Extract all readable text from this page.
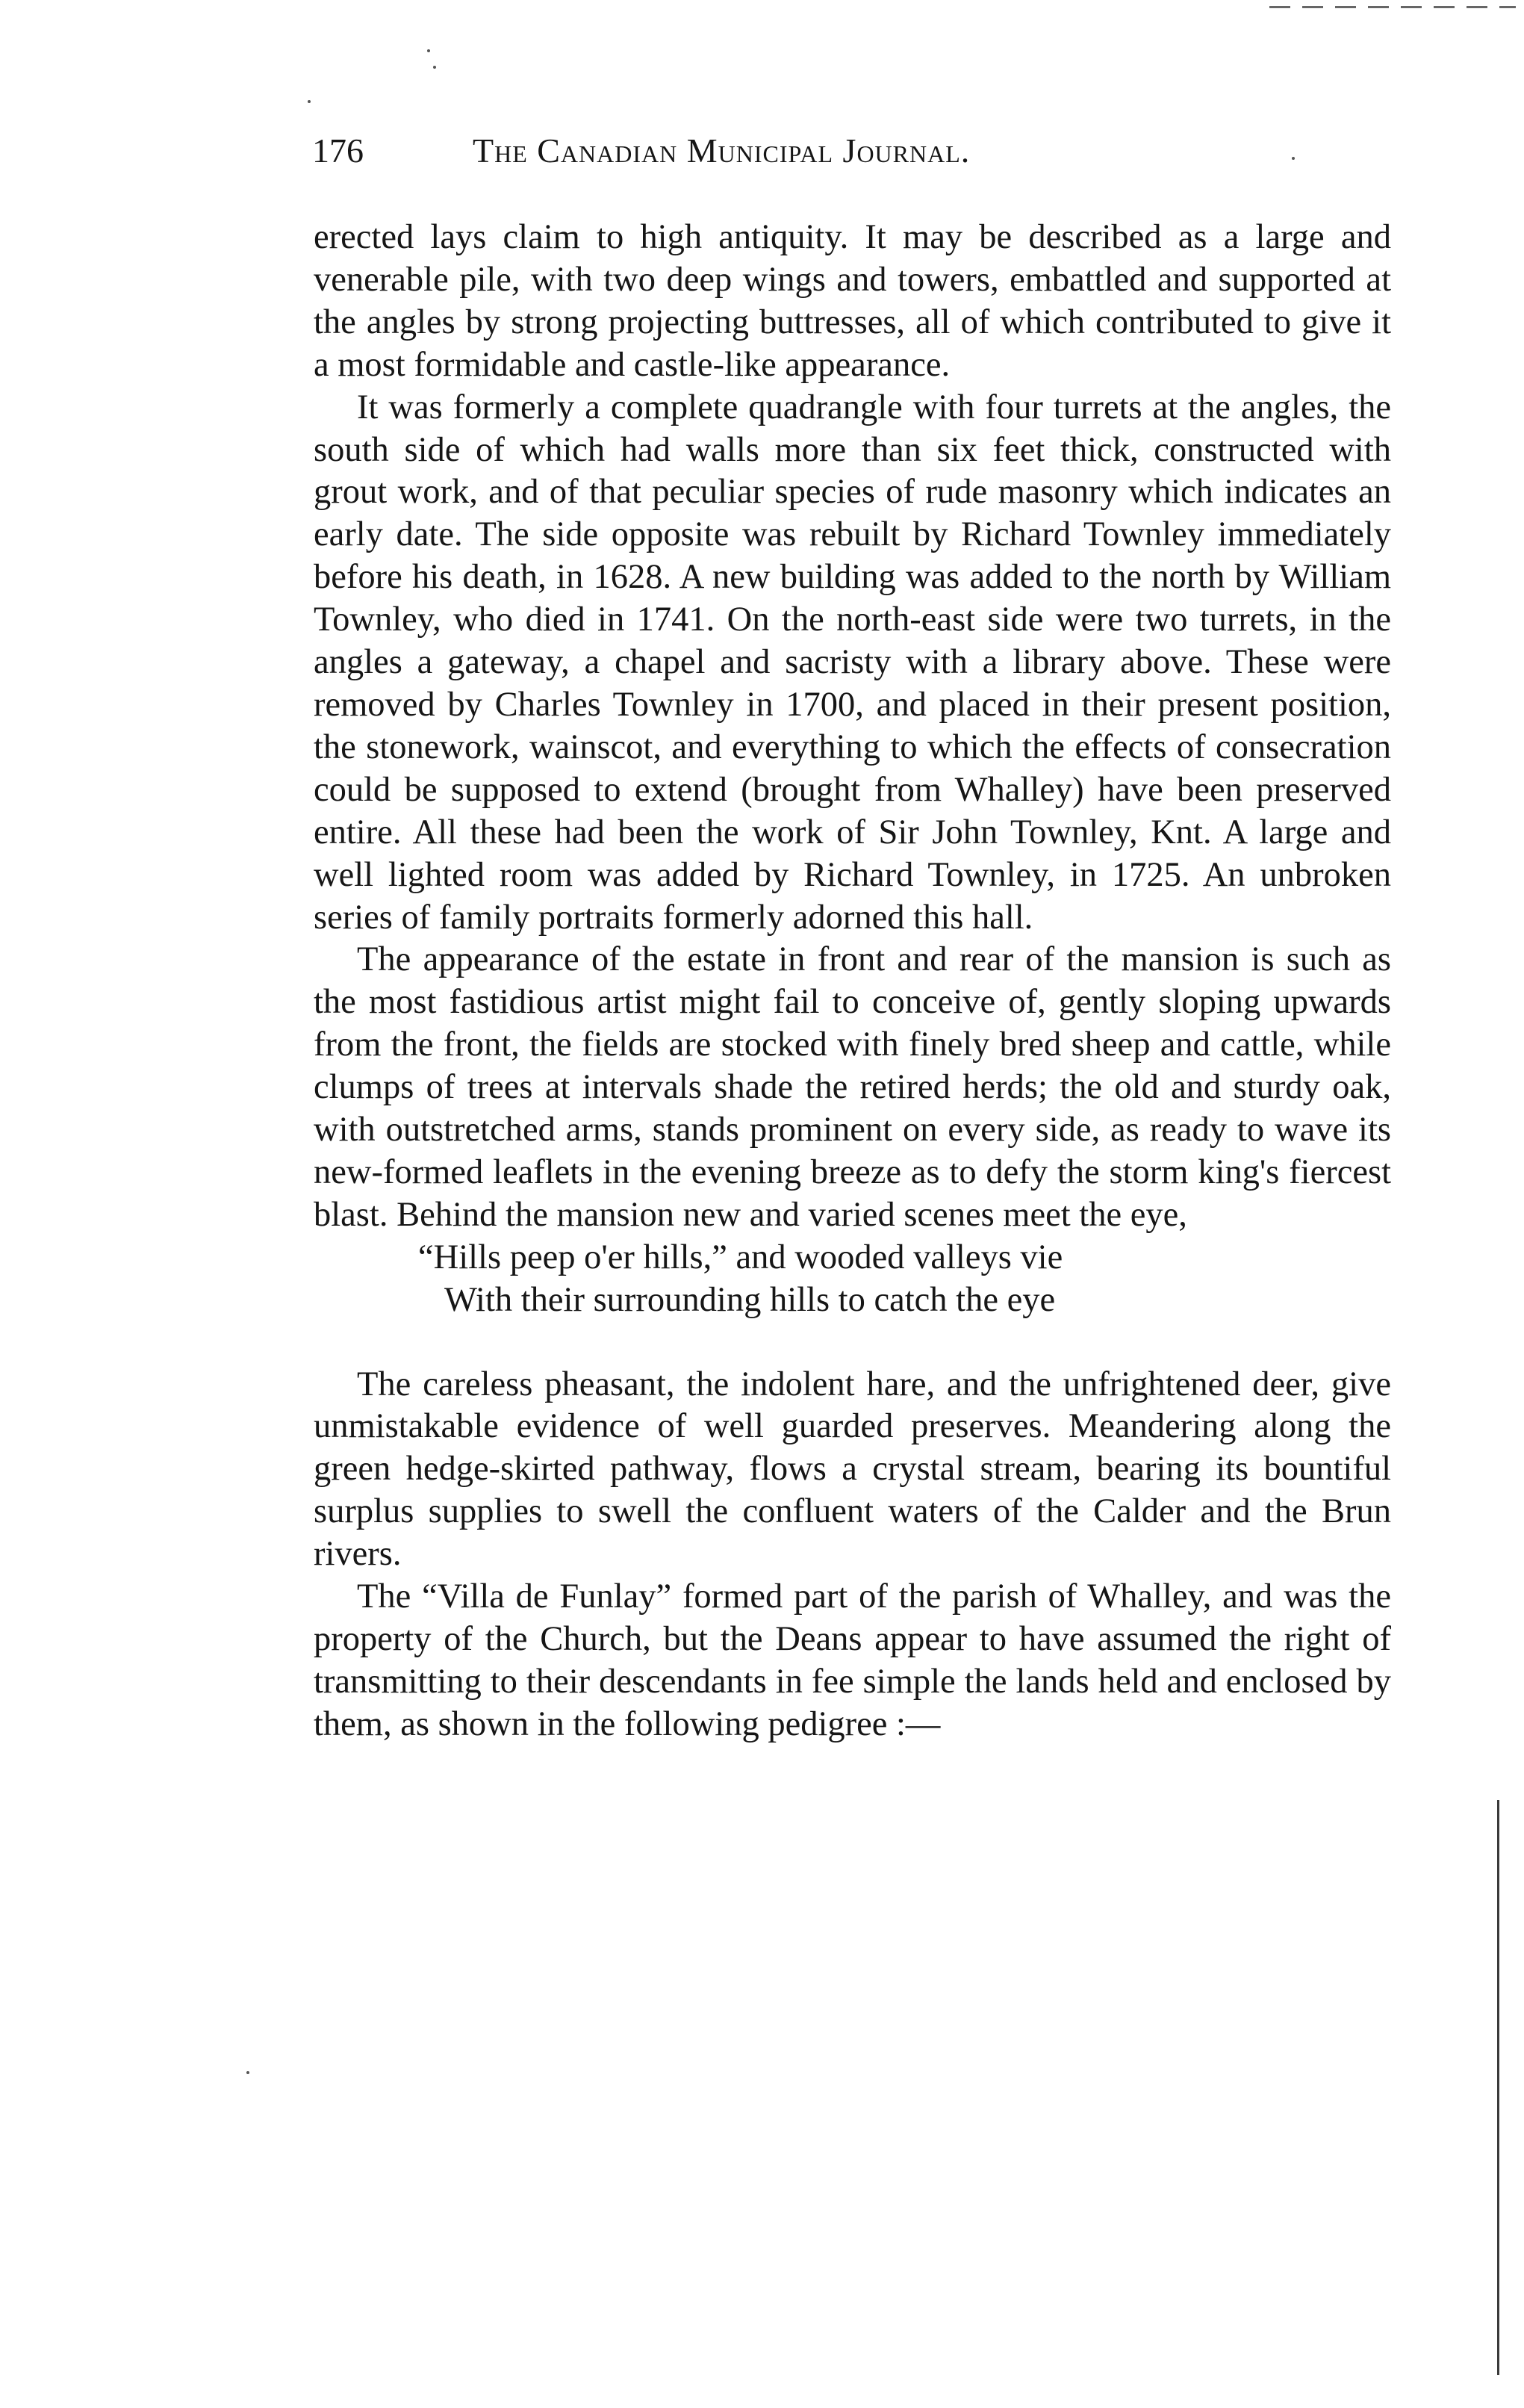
176	The Canadian Municipal Journal.

erected lays claim to high antiquity. It may be described as a large and venerable pile, with two deep wings and towers, embattled and supported at the angles by strong projecting buttresses, all of which contributed to give it a most formidable and castle-like appearance.

It was formerly a complete quadrangle with four turrets at the angles, the south side of which had walls more than six feet thick, constructed with grout work, and of that peculiar species of rude masonry which indicates an early date. The side opposite was rebuilt by Richard Townley immediately before his death, in 1628. A new building was added to the north by William Townley, who died in 1741. On the north-east side were two turrets, in the angles a gateway, a chapel and sacristy with a library above. These were removed by Charles Townley in 1700, and placed in their present position, the stonework, wainscot, and everything to which the effects of consecration could be supposed to extend (brought from Whalley) have been preserved entire. All these had been the work of Sir John Townley, Knt. A large and well lighted room was added by Richard Townley, in 1725. An unbroken series of family portraits formerly adorned this hall.

The appearance of the estate in front and rear of the mansion is such as the most fastidious artist might fail to conceive of, gently sloping upwards from the front, the fields are stocked with finely bred sheep and cattle, while clumps of trees at intervals shade the retired herds; the old and sturdy oak, with outstretched arms, stands prominent on every side, as ready to wave its new-formed leaflets in the evening breeze as to defy the storm king's fiercest blast. Behind the mansion new and varied scenes meet the eye,

“Hills peep o'er hills,” and wooded valleys vie
With their surrounding hills to catch the eye

The careless pheasant, the indolent hare, and the unfrightened deer, give unmistakable evidence of well guarded preserves. Meandering along the green hedge-skirted pathway, flows a crystal stream, bearing its bountiful surplus supplies to swell the confluent waters of the Calder and the Brun rivers.

The “Villa de Funlay” formed part of the parish of Whalley, and was the property of the Church, but the Deans appear to have assumed the right of transmitting to their descendants in fee simple the lands held and enclosed by them, as shown in the following pedigree :—
